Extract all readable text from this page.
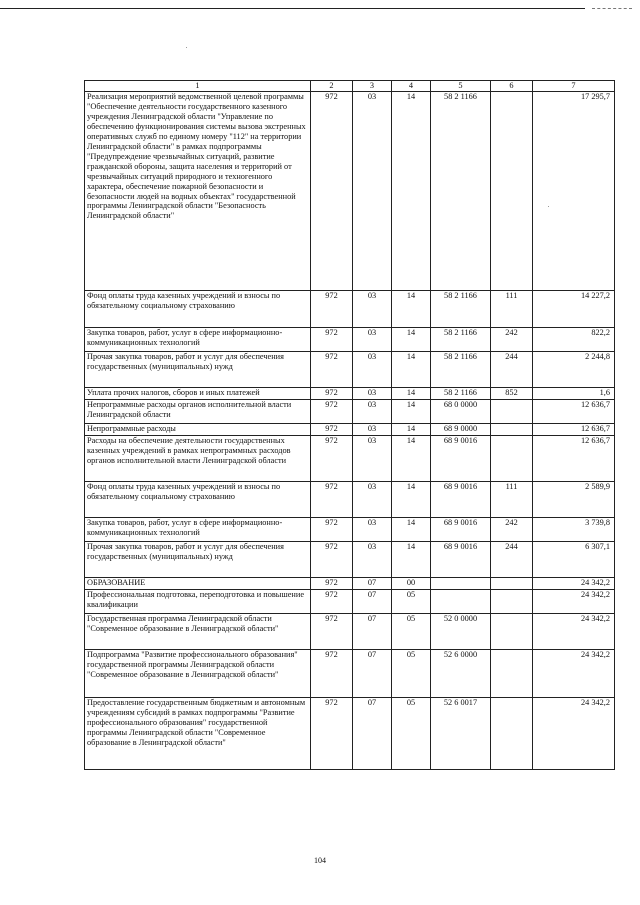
1	2	3	4	5	6	7
Реализация мероприятий ведомственной целевой программы "Обеспечение деятельности государственного казенного учреждения Ленинградской области "Управление по обеспечению функционирования системы вызова экстренных оперативных служб по единому номеру "112" на территории Ленинградской области" в рамках подпрограммы "Предупреждение чрезвычайных ситуаций, развитие гражданской обороны, защита населения и территорий от чрезвычайных ситуаций природного и техногенного характера, обеспечение пожарной безопасности и безопасности людей на водных объектах" государственной программы Ленинградской области "Безопасность Ленинградской области"	972	03	14	58 2 1166		17 295,7
Фонд оплаты труда казенных учреждений и взносы по обязательному социальному страхованию	972	03	14	58 2 1166	111	14 227,2
Закупка товаров, работ, услуг в сфере информационно-коммуникационных технологий	972	03	14	58 2 1166	242	822,2
Прочая закупка товаров, работ и услуг для обеспечения государственных (муниципальных) нужд	972	03	14	58 2 1166	244	2 244,8
Уплата прочих налогов, сборов и иных платежей	972	03	14	58 2 1166	852	1,6
Непрограммные расходы органов исполнительной власти Ленинградской области	972	03	14	68 0 0000		12 636,7
Непрограммные расходы	972	03	14	68 9 0000		12 636,7
Расходы на обеспечение деятельности государственных казенных учреждений в рамках непрограммных расходов органов исполнительной власти Ленинградской области	972	03	14	68 9 0016		12 636,7
Фонд оплаты труда казенных учреждений и взносы по обязательному социальному страхованию	972	03	14	68 9 0016	111	2 589,9
Закупка товаров, работ, услуг в сфере информационно-коммуникационных технологий	972	03	14	68 9 0016	242	3 739,8
Прочая закупка товаров, работ и услуг для обеспечения государственных (муниципальных) нужд	972	03	14	68 9 0016	244	6 307,1
ОБРАЗОВАНИЕ	972	07	00			24 342,2
Профессиональная подготовка, переподготовка и повышение квалификации	972	07	05			24 342,2
Государственная программа Ленинградской области "Современное образование в Ленинградской области"	972	07	05	52 0 0000		24 342,2
Подпрограмма "Развитие профессионального образования" государственной программы Ленинградской области "Современное образование в Ленинградской области"	972	07	05	52 6 0000		24 342,2
Предоставление государственным бюджетным и автономным учреждениям субсидий в рамках подпрограммы "Развитие профессионального образования" государственной программы Ленинградской области "Современное образование в Ленинградской области"	972	07	05	52 6 0017		24 342,2
104
